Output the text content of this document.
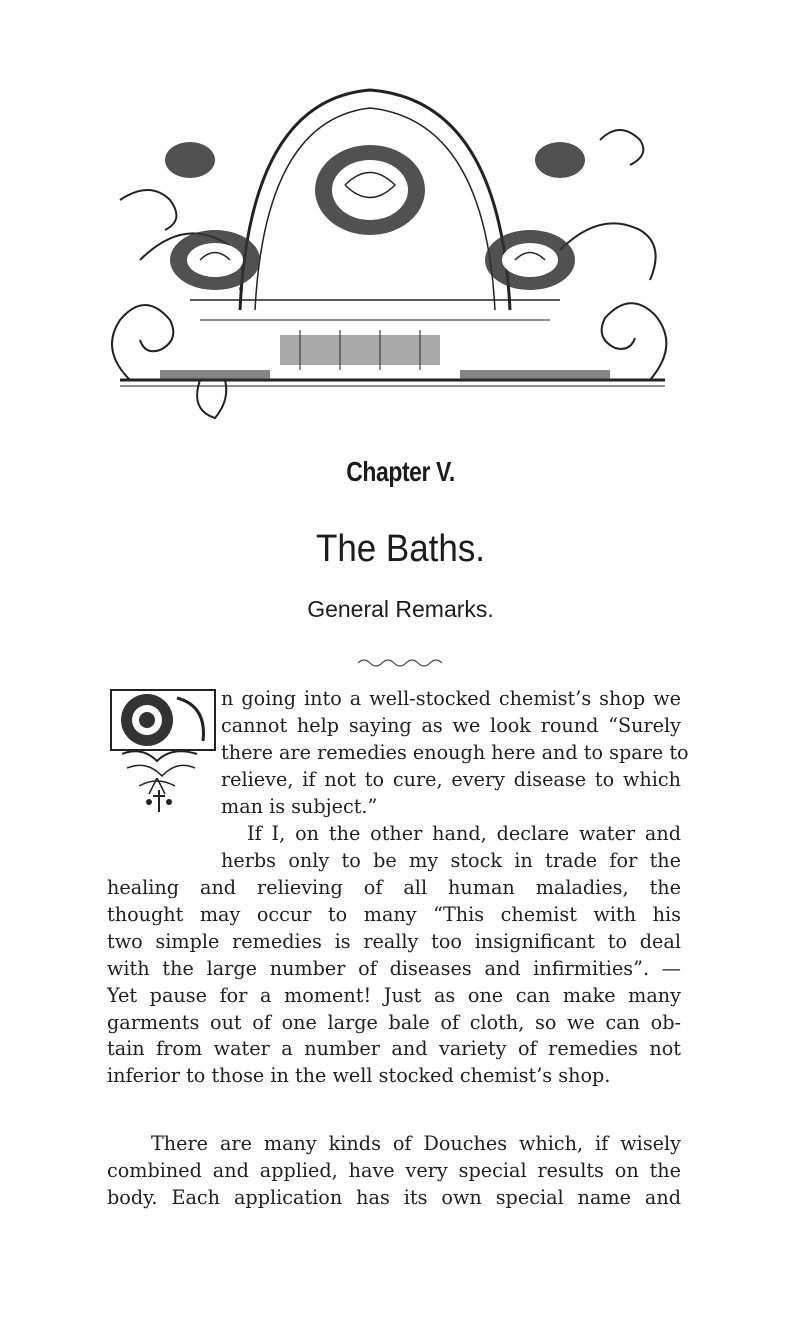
Chapter V.
The Baths.
General Remarks.
n going into a well-stocked chemist’s shop we
cannot help saying as we look round “Surely
there are remedies enough here and to spare to
relieve, if not to cure, every disease to which
man is subject.”
If I, on the other hand, declare water and
herbs only to be my stock in trade for the
healing and relieving of all human maladies, the
thought may occur to many “This chemist with his
two simple remedies is really too insignificant to deal
with the large number of diseases and infirmities”. —
Yet pause for a moment! Just as one can make many
garments out of one large bale of cloth, so we can ob-
tain from water a number and variety of remedies not
inferior to those in the well stocked chemist’s shop.
There are many kinds of Douches which, if wisely
combined and applied, have very special results on the
body. Each application has its own special name and
